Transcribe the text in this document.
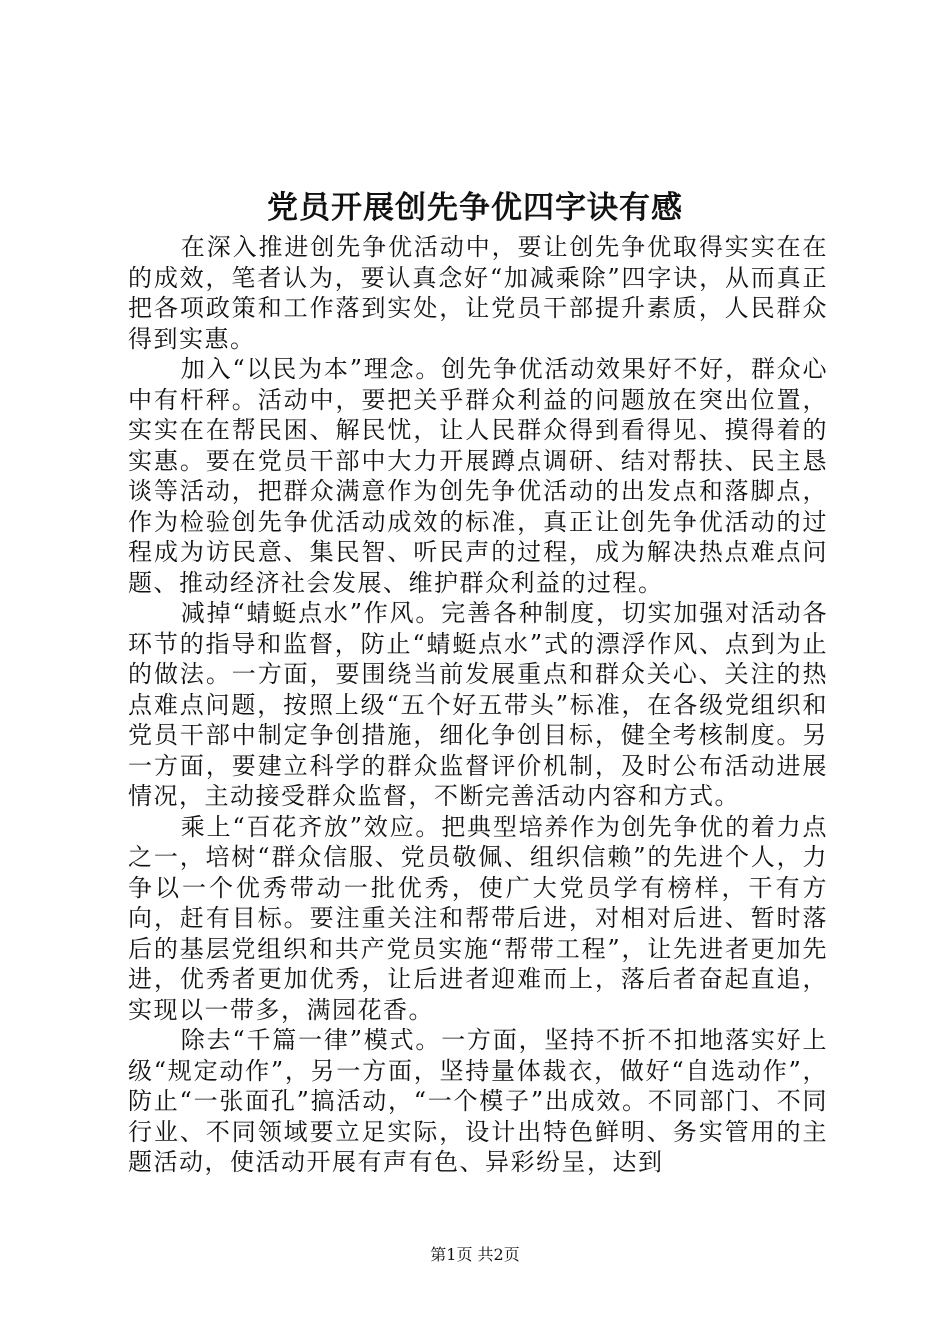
党员开展创先争优四字诀有感

在深入推进创先争优活动中，要让创先争优取得实实在在的成效，笔者认为，要认真念好“加减乘除”四字诀，从而真正把各项政策和工作落到实处，让党员干部提升素质，人民群众得到实惠。

加入“以民为本”理念。创先争优活动效果好不好，群众心中有杆秤。活动中，要把关乎群众利益的问题放在突出位置，实实在在帮民困、解民忧，让人民群众得到看得见、摸得着的实惠。要在党员干部中大力开展蹲点调研、结对帮扶、民主恳谈等活动，把群众满意作为创先争优活动的出发点和落脚点，作为检验创先争优活动成效的标准，真正让创先争优活动的过程成为访民意、集民智、听民声的过程，成为解决热点难点问题、推动经济社会发展、维护群众利益的过程。

减掉“蜻蜓点水”作风。完善各种制度，切实加强对活动各环节的指导和监督，防止“蜻蜓点水”式的漂浮作风、点到为止的做法。一方面，要围绕当前发展重点和群众关心、关注的热点难点问题，按照上级“五个好五带头”标准，在各级党组织和党员干部中制定争创措施，细化争创目标，健全考核制度。另一方面，要建立科学的群众监督评价机制，及时公布活动进展情况，主动接受群众监督，不断完善活动内容和方式。

乘上“百花齐放”效应。把典型培养作为创先争优的着力点之一，培树“群众信服、党员敬佩、组织信赖”的先进个人，力争以一个优秀带动一批优秀，使广大党员学有榜样，干有方向，赶有目标。要注重关注和帮带后进，对相对后进、暂时落后的基层党组织和共产党员实施“帮带工程”，让先进者更加先进，优秀者更加优秀，让后进者迎难而上，落后者奋起直追，实现以一带多，满园花香。

除去“千篇一律”模式。一方面，坚持不折不扣地落实好上级“规定动作”，另一方面，坚持量体裁衣，做好“自选动作”，防止“一张面孔”搞活动，“一个模子”出成效。不同部门、不同行业、不同领域要立足实际，设计出特色鲜明、务实管用的主题活动，使活动开展有声有色、异彩纷呈，达到

第1页 共2页
